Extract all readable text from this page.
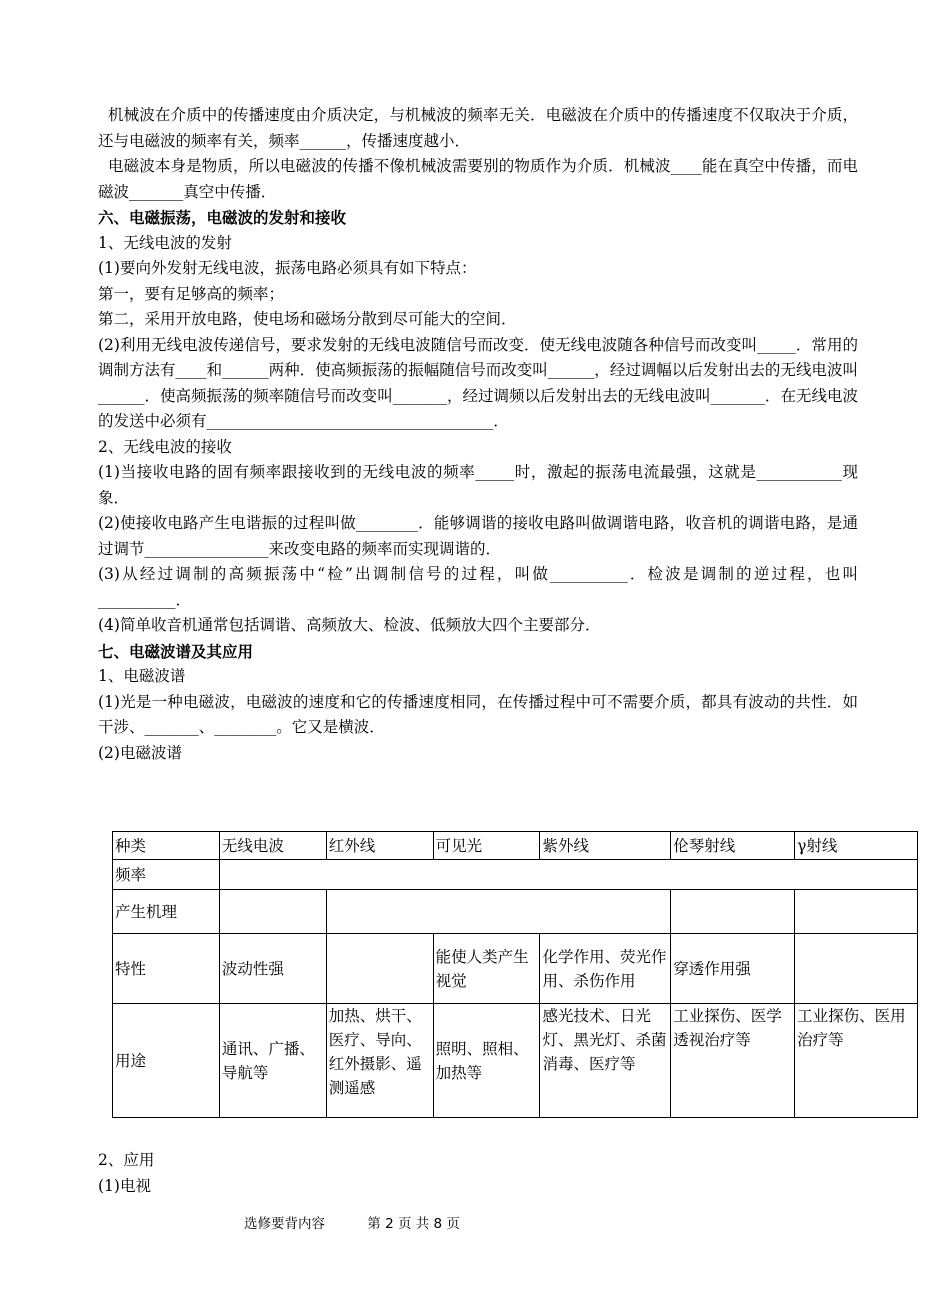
机械波在介质中的传播速度由介质决定，与机械波的频率无关．电磁波在介质中的传播速度不仅取决于介质，还与电磁波的频率有关，频率______，传播速度越小．

电磁波本身是物质，所以电磁波的传播不像机械波需要别的物质作为介质．机械波____能在真空中传播，而电磁波_______真空中传播．

六、电磁振荡，电磁波的发射和接收

1、无线电波的发射

(1)要向外发射无线电波，振荡电路必须具有如下特点：

第一，要有足够高的频率；

第二，采用开放电路，使电场和磁场分散到尽可能大的空间．

(2)利用无线电波传递信号，要求发射的无线电波随信号而改变．使无线电波随各种信号而改变叫_____．常用的调制方法有____和______两种．使高频振荡的振幅随信号而改变叫______，经过调幅以后发射出去的无线电波叫______．使高频振荡的频率随信号而改变叫_______，经过调频以后发射出去的无线电波叫_______．在无线电波的发送中必须有_____________________________________．

2、无线电波的接收

(1)当接收电路的固有频率跟接收到的无线电波的频率_____时，激起的振荡电流最强，这就是___________现象．

(2)使接收电路产生电谐振的过程叫做________．能够调谐的接收电路叫做调谐电路，收音机的调谐电路，是通过调节________________来改变电路的频率而实现调谐的．

(3)从经过调制的高频振荡中“检”出调制信号的过程，叫做__________．检波是调制的逆过程，也叫__________．

(4)简单收音机通常包括调谐、高频放大、检波、低频放大四个主要部分．

七、电磁波谱及其应用

1、电磁波谱

(1)光是一种电磁波，电磁波的速度和它的传播速度相同，在传播过程中可不需要介质，都具有波动的共性．如干涉、_______、________。它又是横波．

(2)电磁波谱

种类	无线电波	红外线	可见光	紫外线	伦琴射线	γ射线
频率						
产生机理						
特性	波动性强		能使人类产生视觉	化学作用、荧光作用、杀伤作用	穿透作用强	
用途	通讯、广播、导航等	加热、烘干、医疗、导向、红外摄影、遥测遥感	照明、照相、加热等	感光技术、日光灯、黑光灯、杀菌消毒、医疗等	工业探伤、医学透视治疗等	工业探伤、医用治疗等

2、应用

(1)电视

选修要背内容	第 2 页 共 8 页
